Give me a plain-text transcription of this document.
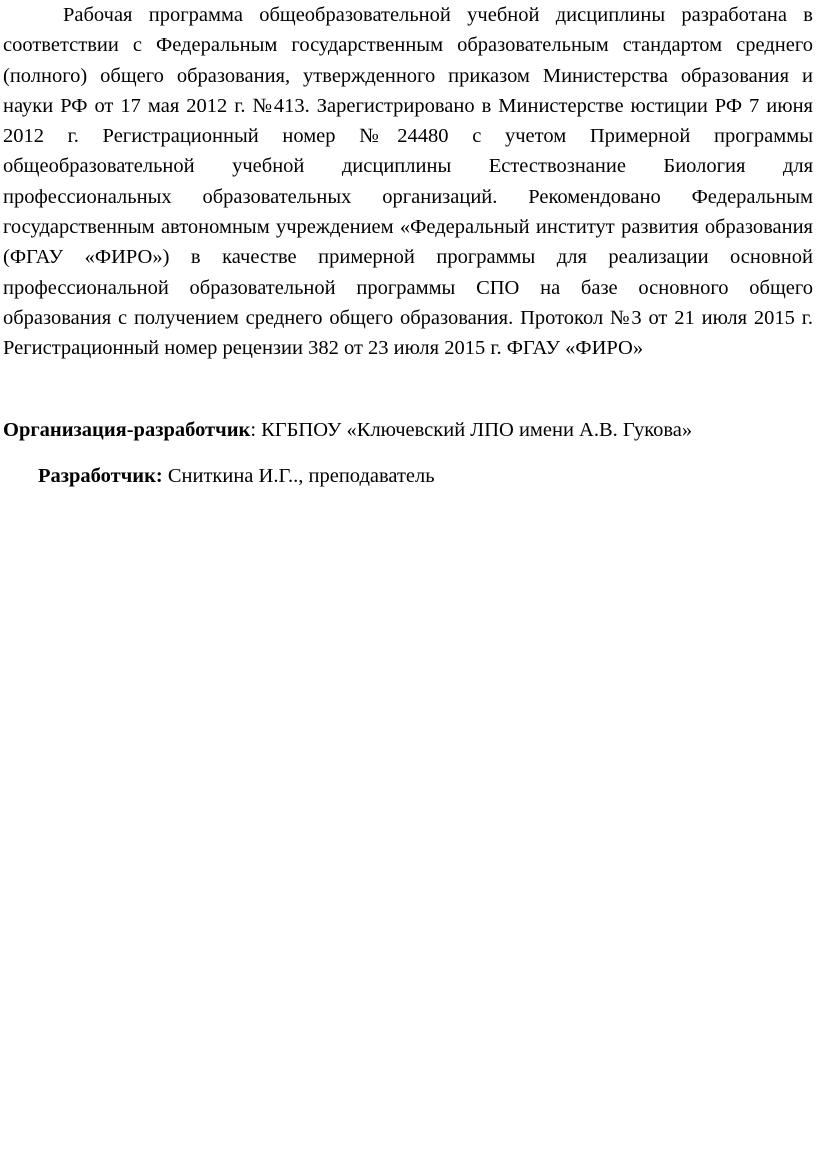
Рабочая программа общеобразовательной учебной дисциплины разработана в соответствии с Федеральным государственным образовательным стандартом среднего (полного) общего образования, утвержденного приказом Министерства образования и науки РФ от 17 мая 2012 г. №413. Зарегистрировано в Министерстве юстиции РФ 7 июня 2012 г. Регистрационный номер №24480 с учетом Примерной программы общеобразовательной учебной дисциплины Естествознание Биология для профессиональных образовательных организаций. Рекомендовано Федеральным государственным автономным учреждением «Федеральный институт развития образования (ФГАУ «ФИРО») в качестве примерной программы для реализации основной профессиональной образовательной программы СПО на базе основного общего образования с получением среднего общего образования. Протокол №3 от 21 июля 2015 г. Регистрационный номер рецензии 382 от 23 июля 2015 г. ФГАУ «ФИРО»

Организация-разработчик: КГБПОУ «Ключевский ЛПО имени А.В. Гукова»

Разработчик: Сниткина И.Г.., преподаватель
